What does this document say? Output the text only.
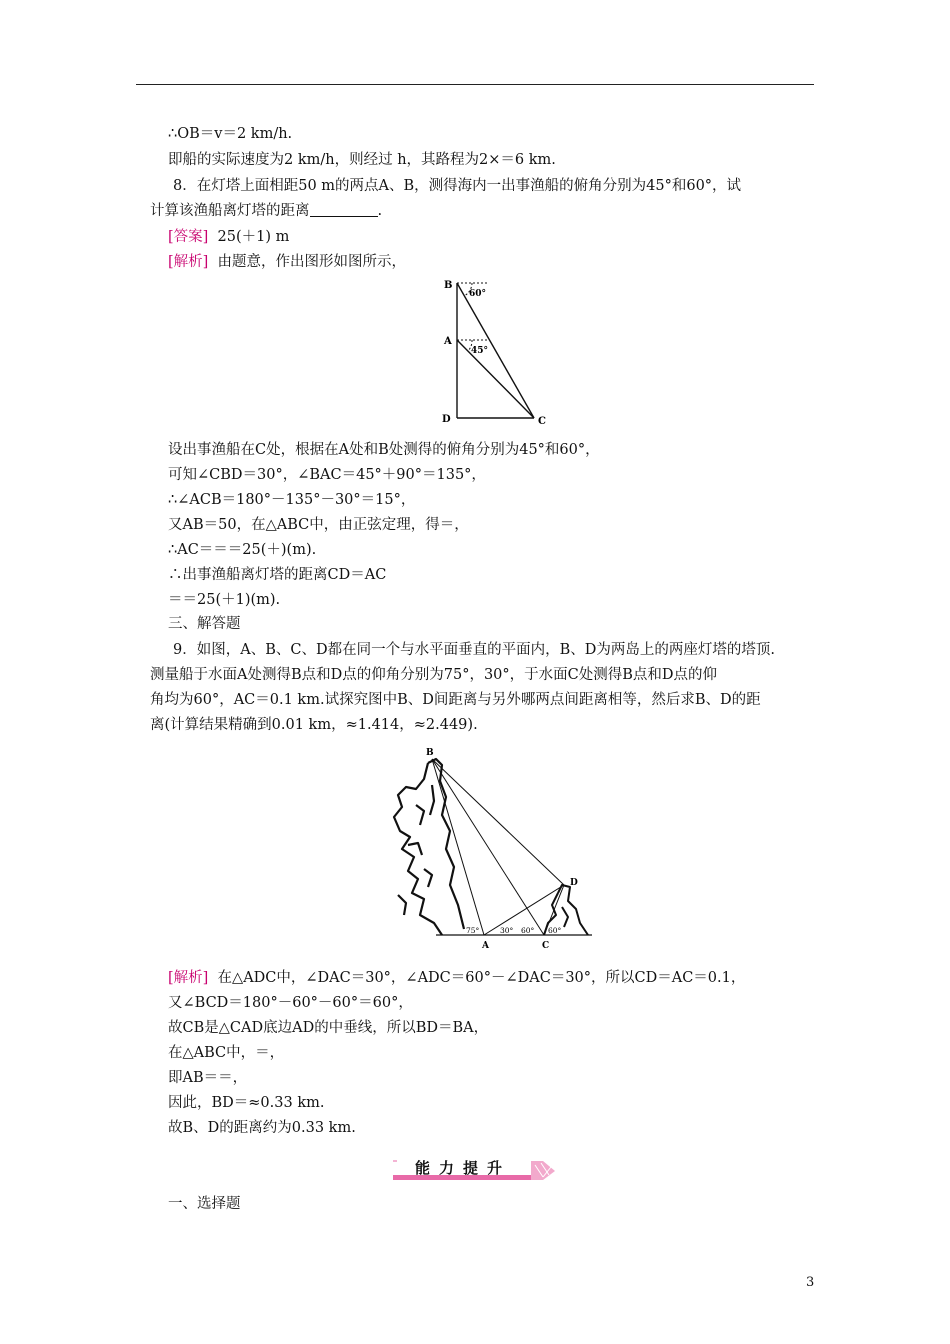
∴OB＝v＝2 km/h.
即船的实际速度为2 km/h，则经过 h，其路程为2×＝6 km.
8．在灯塔上面相距50 m的两点A、B，测得海内一出事渔船的俯角分别为45°和60°，试
计算该渔船离灯塔的距离	.
[答案] 25(＋1) m
[解析] 由题意，作出图形如图所示，
B
A
D	C
60°
45°
设出事渔船在C处，根据在A处和B处测得的俯角分别为45°和60°，
可知∠CBD＝30°，∠BAC＝45°＋90°＝135°，
∴∠ACB＝180°－135°－30°＝15°，
又AB＝50，在△ABC中，由正弦定理，得＝，
∴AC＝＝＝25(＋)(m).
∴出事渔船离灯塔的距离CD＝AC
＝＝25(＋1)(m).
三、解答题
9．如图，A、B、C、D都在同一个与水平面垂直的平面内，B、D为两岛上的两座灯塔的塔顶.
测量船于水面A处测得B点和D点的仰角分别为75°，30°，于水面C处测得B点和D点的仰
角均为60°，AC＝0.1 km.试探究图中B、D间距离与另外哪两点间距离相等，然后求B、D的距
离(计算结果精确到0.01 km，≈1.414，≈2.449).
B
D
A	C
75°	30° 60° 60°
[解析] 在△ADC中，∠DAC＝30°，∠ADC＝60°－∠DAC＝30°，所以CD＝AC＝0.1，
又∠BCD＝180°－60°－60°＝60°，
故CB是△CAD底边AD的中垂线，所以BD＝BA，
在△ABC中，＝，
即AB＝＝，
因此，BD＝≈0.33 km.
故B、D的距离约为0.33 km.
能力提升
一、选择题
3
